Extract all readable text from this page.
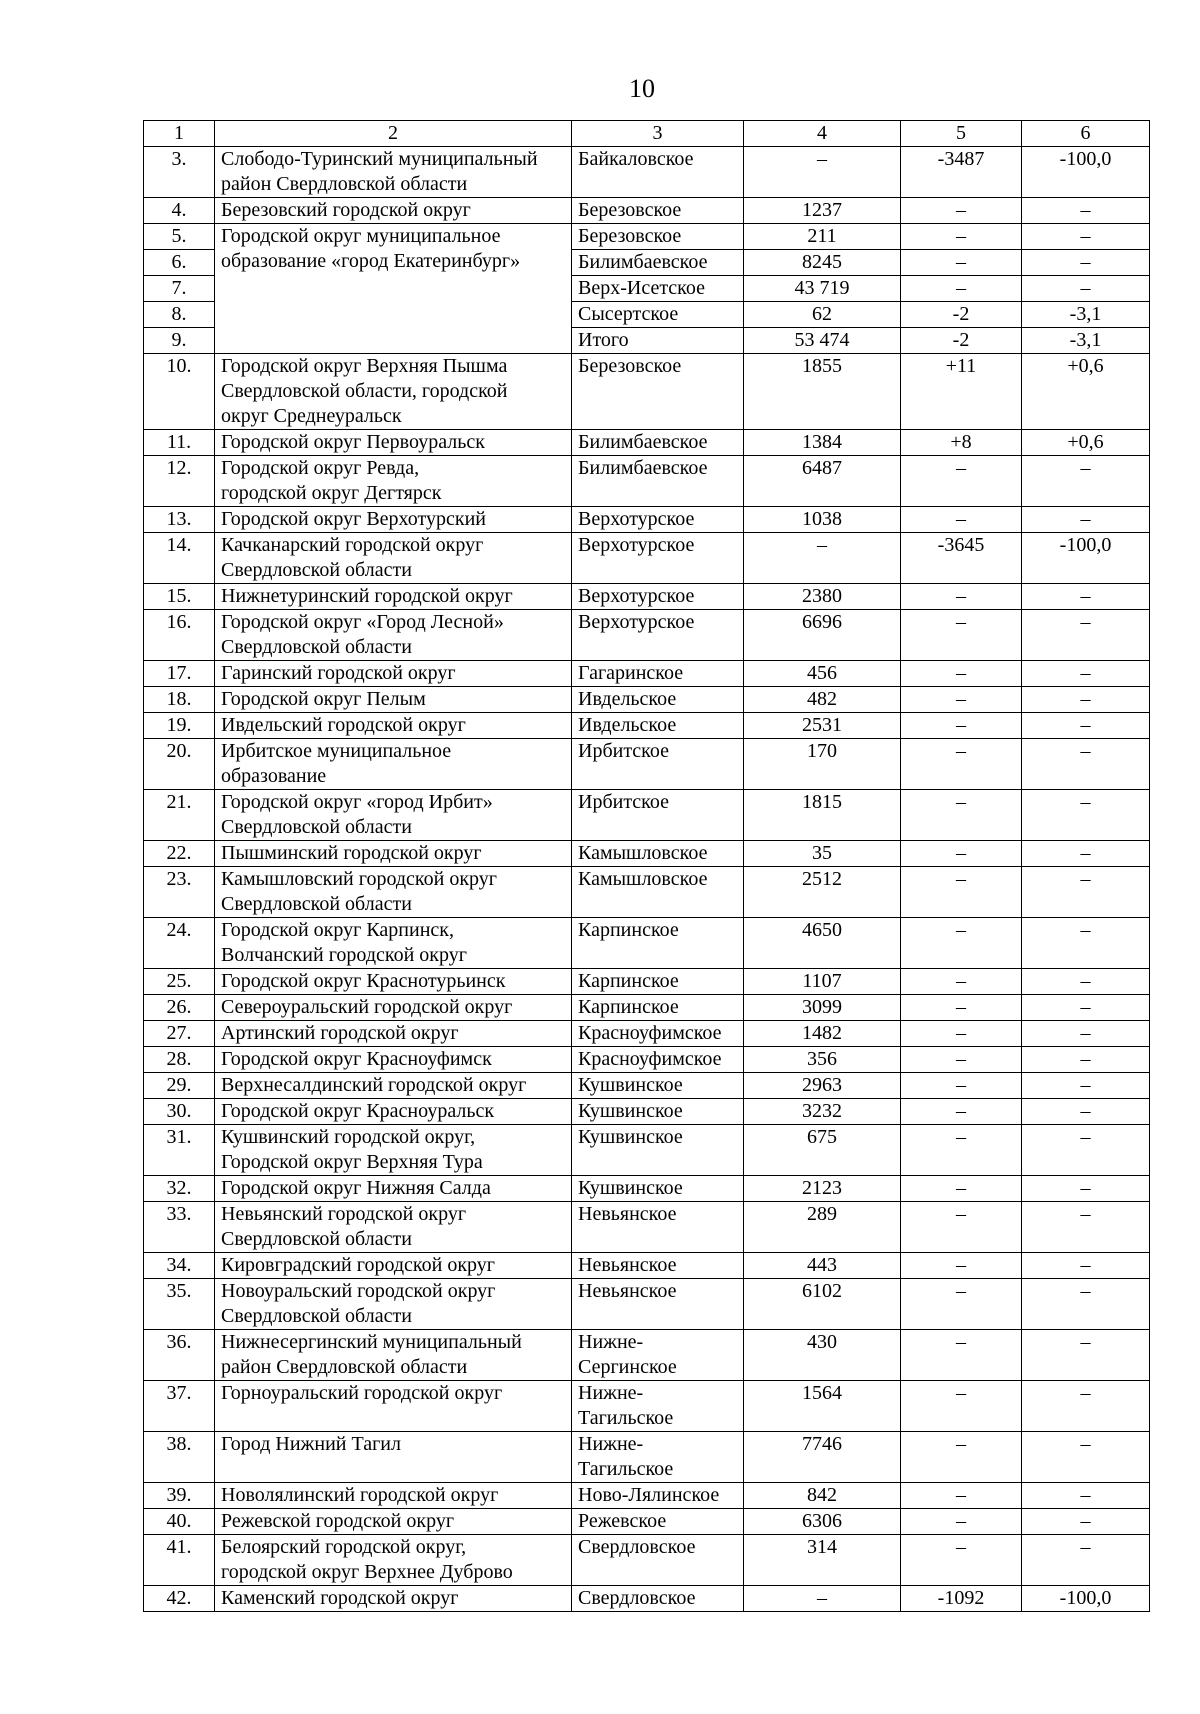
10
1	2	3	4	5	6
3.	Слободо-Туринский муниципальный
район Свердловской области	Байкаловское	–	-3487	-100,0
4.	Березовский городской округ	Березовское	1237	–	–
5.	Городской округ муниципальное
образование «город Екатеринбург»	Березовское	211	–	–
6.		Билимбаевское	8245	–	–
7.		Верх-Исетское	43 719	–	–
8.		Сысертское	62	-2	-3,1
9.		Итого	53 474	-2	-3,1
10.	Городской округ Верхняя Пышма
Свердловской области, городской
округ Среднеуральск	Березовское	1855	+11	+0,6
11.	Городской округ Первоуральск	Билимбаевское	1384	+8	+0,6
12.	Городской округ Ревда,
городской округ Дегтярск	Билимбаевское	6487	–	–
13.	Городской округ Верхотурский	Верхотурское	1038	–	–
14.	Качканарский городской округ
Свердловской области	Верхотурское	–	-3645	-100,0
15.	Нижнетуринский городской округ	Верхотурское	2380	–	–
16.	Городской округ «Город Лесной»
Свердловской области	Верхотурское	6696	–	–
17.	Гаринский городской округ	Гагаринское	456	–	–
18.	Городской округ Пелым	Ивдельское	482	–	–
19.	Ивдельский городской округ	Ивдельское	2531	–	–
20.	Ирбитское муниципальное
образование	Ирбитское	170	–	–
21.	Городской округ «город Ирбит»
Свердловской области	Ирбитское	1815	–	–
22.	Пышминский городской округ	Камышловское	35	–	–
23.	Камышловский городской округ
Свердловской области	Камышловское	2512	–	–
24.	Городской округ Карпинск,
Волчанский городской округ	Карпинское	4650	–	–
25.	Городской округ Краснотурьинск	Карпинское	1107	–	–
26.	Североуральский городской округ	Карпинское	3099	–	–
27.	Артинский городской округ	Красноуфимское	1482	–	–
28.	Городской округ Красноуфимск	Красноуфимское	356	–	–
29.	Верхнесалдинский городской округ	Кушвинское	2963	–	–
30.	Городской округ Красноуральск	Кушвинское	3232	–	–
31.	Кушвинский городской округ,
Городской округ Верхняя Тура	Кушвинское	675	–	–
32.	Городской округ Нижняя Салда	Кушвинское	2123	–	–
33.	Невьянский городской округ
Свердловской области	Невьянское	289	–	–
34.	Кировградский городской округ	Невьянское	443	–	–
35.	Новоуральский городской округ
Свердловской области	Невьянское	6102	–	–
36.	Нижнесергинский муниципальный
район Свердловской области	Нижне-
Сергинское	430	–	–
37.	Горноуральский городской округ	Нижне-
Тагильское	1564	–	–
38.	Город Нижний Тагил	Нижне-
Тагильское	7746	–	–
39.	Новолялинский городской округ	Ново-Лялинское	842	–	–
40.	Режевской городской округ	Режевское	6306	–	–
41.	Белоярский городской округ,
городской округ Верхнее Дуброво	Свердловское	314	–	–
42.	Каменский городской округ	Свердловское	–	-1092	-100,0
